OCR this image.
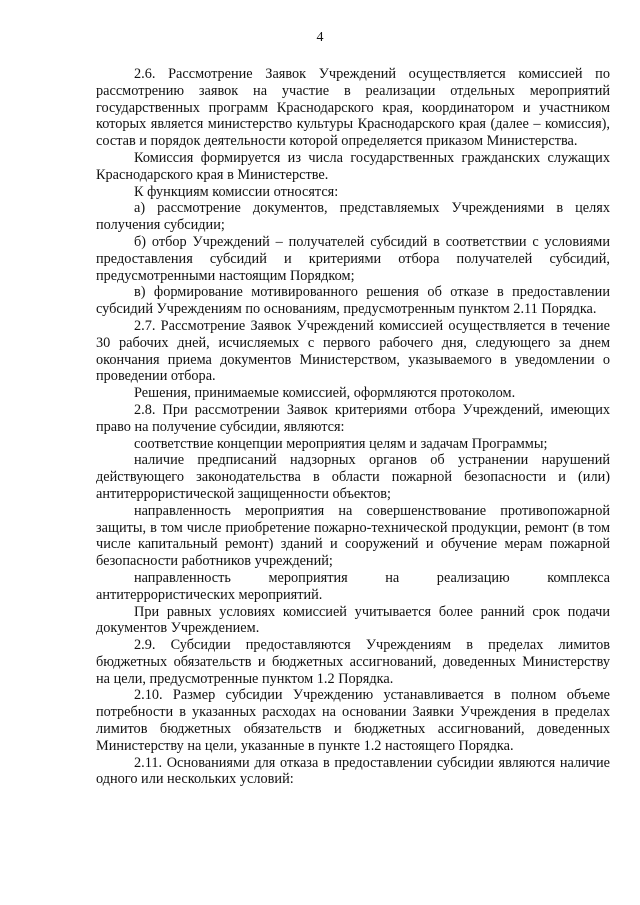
4

2.6. Рассмотрение Заявок Учреждений осуществляется комиссией по рассмотрению заявок на участие в реализации отдельных мероприятий государственных программ Краснодарского края, координатором и участником которых является министерство культуры Краснодарского края (далее – комиссия), состав и порядок деятельности которой определяется приказом Министерства.

Комиссия формируется из числа государственных гражданских служащих Краснодарского края в Министерстве.

К функциям комиссии относятся:

а) рассмотрение документов, представляемых Учреждениями в целях получения субсидии;

б) отбор Учреждений – получателей субсидий в соответствии с условиями предоставления субсидий и критериями отбора получателей субсидий, предусмотренными настоящим Порядком;

в) формирование мотивированного решения об отказе в предоставлении субсидий Учреждениям по основаниям, предусмотренным пунктом 2.11 Порядка.

2.7. Рассмотрение Заявок Учреждений комиссией осуществляется в течение 30 рабочих дней, исчисляемых с первого рабочего дня, следующего за днем окончания приема документов Министерством, указываемого в уведомлении о проведении отбора.

Решения, принимаемые комиссией, оформляются протоколом.

2.8. При рассмотрении Заявок критериями отбора Учреждений, имеющих право на получение субсидии, являются:

соответствие концепции мероприятия целям и задачам Программы;

наличие предписаний надзорных органов об устранении нарушений действующего законодательства в области пожарной безопасности и (или) антитеррористической защищенности объектов;

направленность мероприятия на совершенствование противопожарной защиты, в том числе приобретение пожарно-технической продукции, ремонт (в том числе капитальный ремонт) зданий и сооружений и обучение мерам пожарной безопасности работников учреждений;

направленность мероприятия на реализацию комплекса антитеррористических мероприятий.

При равных условиях комиссией учитывается более ранний срок подачи документов Учреждением.

2.9. Субсидии предоставляются Учреждениям в пределах лимитов бюджетных обязательств и бюджетных ассигнований, доведенных Министерству на цели, предусмотренные пунктом 1.2 Порядка.

2.10. Размер субсидии Учреждению устанавливается в полном объеме потребности в указанных расходах на основании Заявки Учреждения в пределах лимитов бюджетных обязательств и бюджетных ассигнований, доведенных Министерству на цели, указанные в пункте 1.2 настоящего Порядка.

2.11. Основаниями для отказа в предоставлении субсидии являются наличие одного или нескольких условий:
